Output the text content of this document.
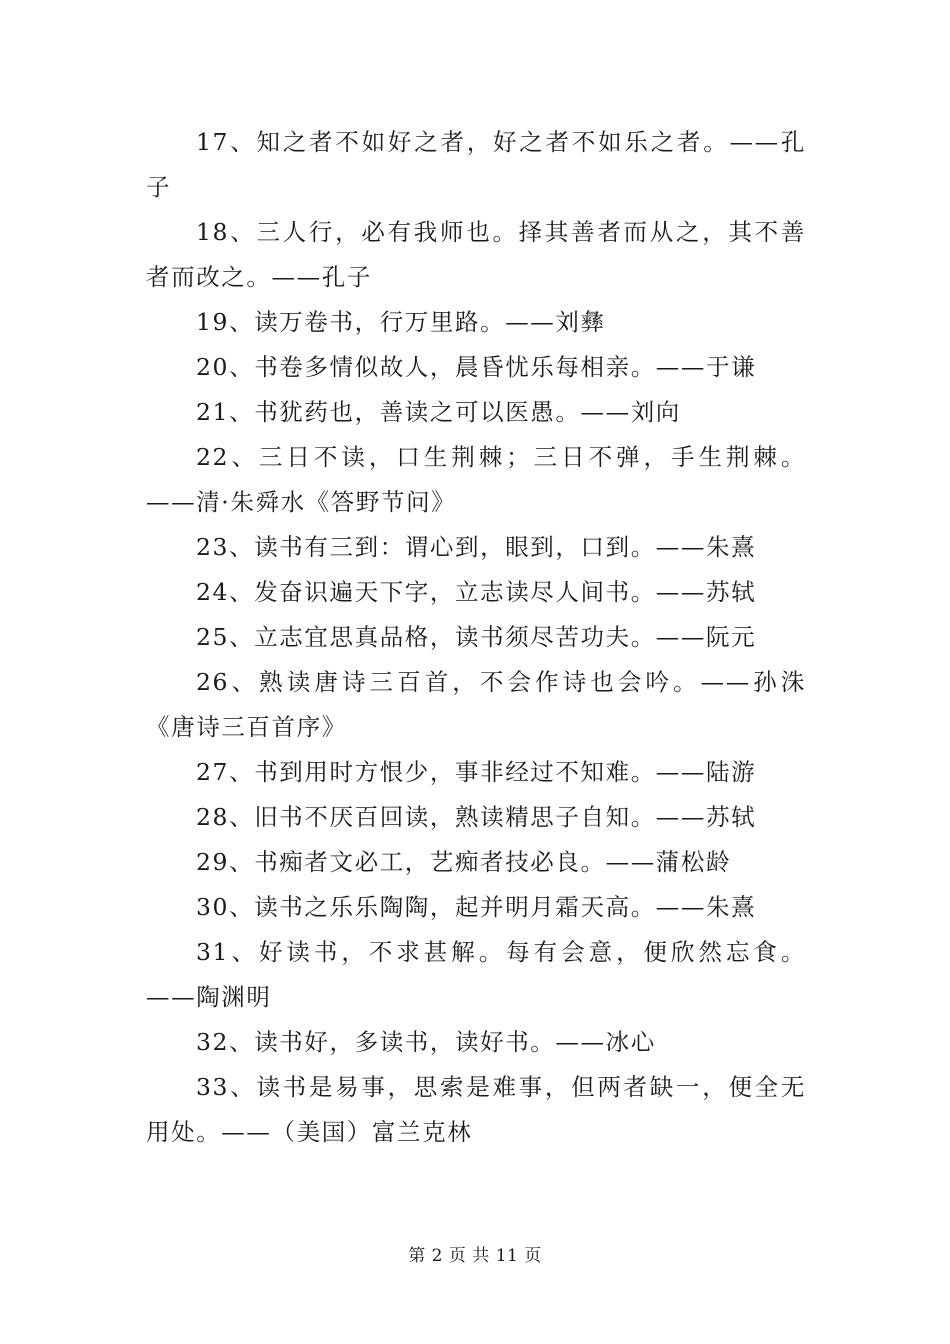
17、知之者不如好之者，好之者不如乐之者。——孔子

18、三人行，必有我师也。择其善者而从之，其不善者而改之。——孔子

19、读万卷书，行万里路。——刘彝

20、书卷多情似故人，晨昏忧乐每相亲。——于谦

21、书犹药也，善读之可以医愚。——刘向

22、三日不读，口生荆棘；三日不弹，手生荆棘。——清·朱舜水《答野节问》

23、读书有三到：谓心到，眼到，口到。——朱熹

24、发奋识遍天下字，立志读尽人间书。——苏轼

25、立志宜思真品格，读书须尽苦功夫。——阮元

26、熟读唐诗三百首，不会作诗也会吟。——孙洙《唐诗三百首序》

27、书到用时方恨少，事非经过不知难。——陆游

28、旧书不厌百回读，熟读精思子自知。——苏轼

29、书痴者文必工，艺痴者技必良。——蒲松龄

30、读书之乐乐陶陶，起并明月霜天高。——朱熹

31、好读书，不求甚解。每有会意，便欣然忘食。——陶渊明

32、读书好，多读书，读好书。——冰心

33、读书是易事，思索是难事，但两者缺一，便全无用处。——（美国）富兰克林

第 2 页 共 11 页
